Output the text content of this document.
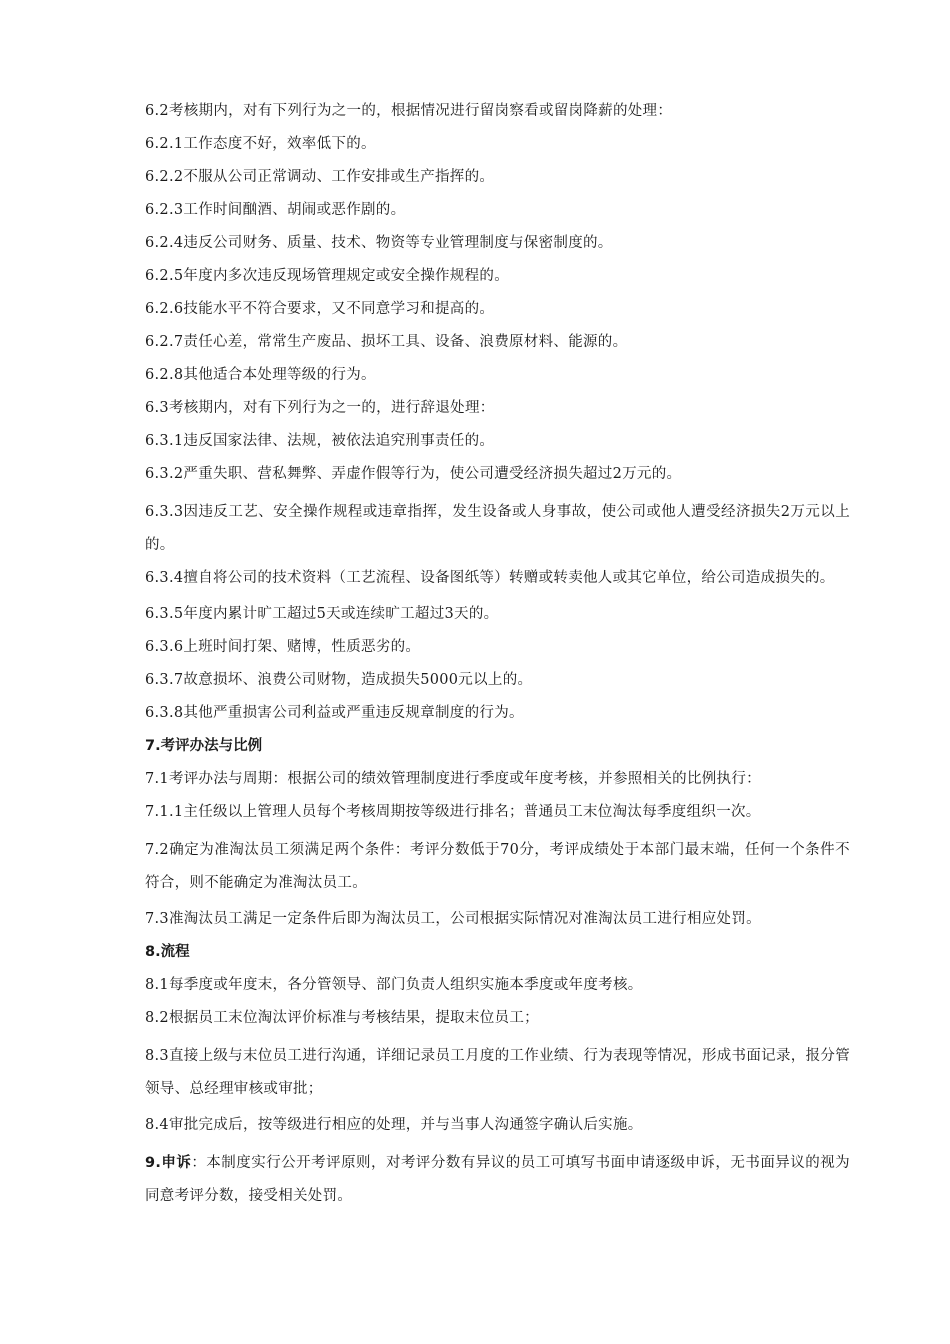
6.2考核期内，对有下列行为之一的，根据情况进行留岗察看或留岗降薪的处理：

6.2.1工作态度不好，效率低下的。

6.2.2不服从公司正常调动、工作安排或生产指挥的。

6.2.3工作时间酗酒、胡闹或恶作剧的。

6.2.4违反公司财务、质量、技术、物资等专业管理制度与保密制度的。

6.2.5年度内多次违反现场管理规定或安全操作规程的。

6.2.6技能水平不符合要求，又不同意学习和提高的。

6.2.7责任心差，常常生产废品、损坏工具、设备、浪费原材料、能源的。

6.2.8其他适合本处理等级的行为。

6.3考核期内，对有下列行为之一的，进行辞退处理：

6.3.1违反国家法律、法规，被依法追究刑事责任的。

6.3.2严重失职、营私舞弊、弄虚作假等行为，使公司遭受经济损失超过2万元的。

6.3.3因违反工艺、安全操作规程或违章指挥，发生设备或人身事故，使公司或他人遭受经济损失2万元以上的。

6.3.4擅自将公司的技术资料（工艺流程、设备图纸等）转赠或转卖他人或其它单位，给公司造成损失的。

6.3.5年度内累计旷工超过5天或连续旷工超过3天的。

6.3.6上班时间打架、赌博，性质恶劣的。

6.3.7故意损坏、浪费公司财物，造成损失5000元以上的。

6.3.8其他严重损害公司利益或严重违反规章制度的行为。

7.考评办法与比例

7.1考评办法与周期：根据公司的绩效管理制度进行季度或年度考核，并参照相关的比例执行：

7.1.1主任级以上管理人员每个考核周期按等级进行排名；普通员工末位淘汰每季度组织一次。

7.2确定为准淘汰员工须满足两个条件：考评分数低于70分，考评成绩处于本部门最末端，任何一个条件不符合，则不能确定为准淘汰员工。

7.3准淘汰员工满足一定条件后即为淘汰员工，公司根据实际情况对准淘汰员工进行相应处罚。

8.流程

8.1每季度或年度末，各分管领导、部门负责人组织实施本季度或年度考核。

8.2根据员工末位淘汰评价标准与考核结果，提取末位员工；

8.3直接上级与末位员工进行沟通，详细记录员工月度的工作业绩、行为表现等情况，形成书面记录，报分管领导、总经理审核或审批；

8.4审批完成后，按等级进行相应的处理，并与当事人沟通签字确认后实施。

9.申诉：本制度实行公开考评原则，对考评分数有异议的员工可填写书面申请逐级申诉，无书面异议的视为同意考评分数，接受相关处罚。
